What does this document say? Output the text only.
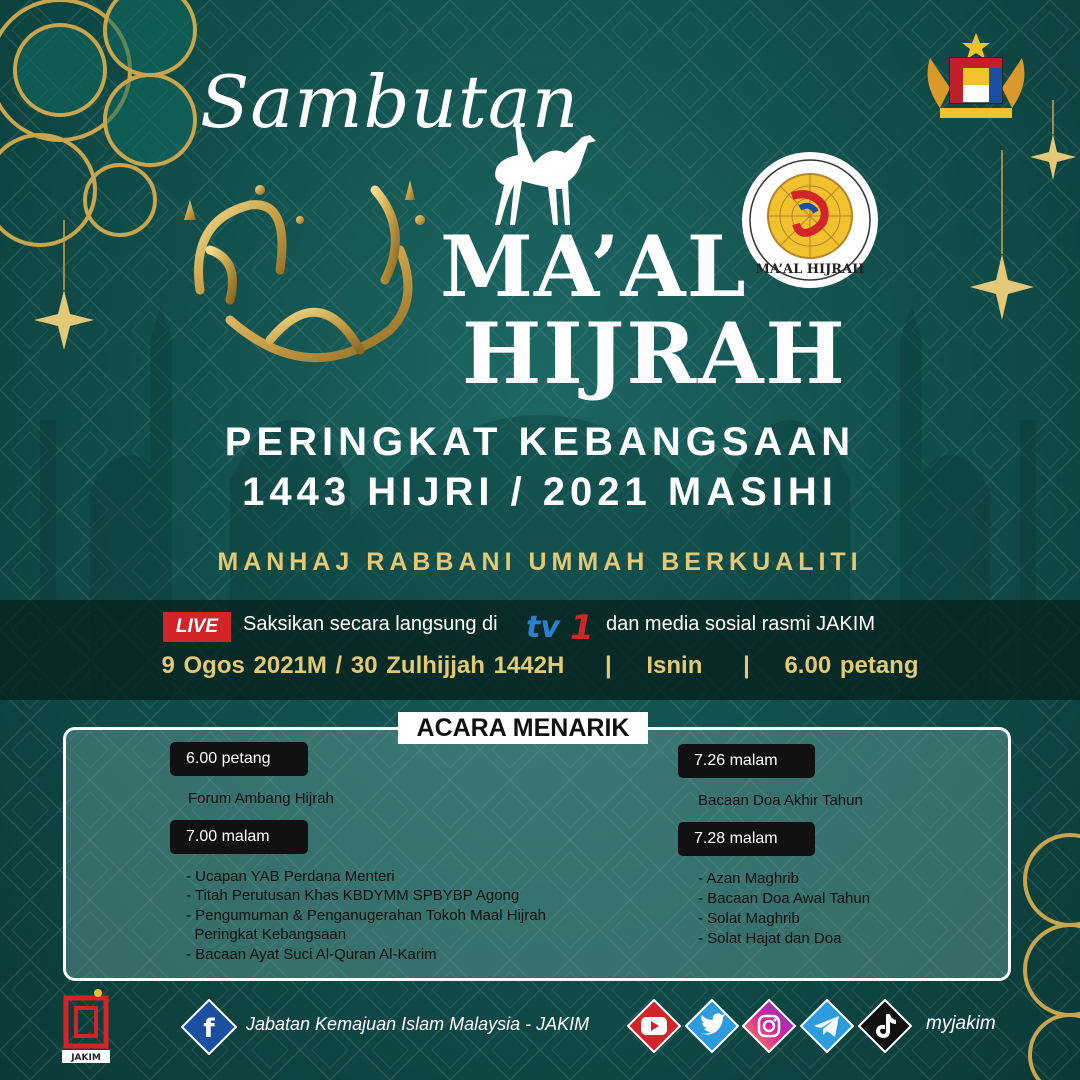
Sambutan
MA’AL
HIJRAH
MA’AL HIJRAH
PERINGKAT KEBANGSAAN
1443 HIJRI / 2021 MASIHI
MANHAJ RABBANI UMMAH BERKUALITI
LIVE	Saksikan secara langsung di tv 1 dan media sosial rasmi JAKIM
9 Ogos 2021M / 30 Zulhijjah 1442H | Isnin | 6.00 petang
ACARA MENARIK
6.00 petang
Forum Ambang Hijrah
7.00 malam
- Ucapan YAB Perdana Menteri
- Titah Perutusan Khas KBDYMM SPBYBP Agong
- Pengumuman & Penganugerahan Tokoh Maal Hijrah
Peringkat Kebangsaan
- Bacaan Ayat Suci Al-Quran Al-Karim
7.26 malam
Bacaan Doa Akhir Tahun
7.28 malam
- Azan Maghrib
- Bacaan Doa Awal Tahun
- Solat Maghrib
- Solat Hajat dan Doa
JAKIM
f Jabatan Kemajuan Islam Malaysia - JAKIM	myjakim
